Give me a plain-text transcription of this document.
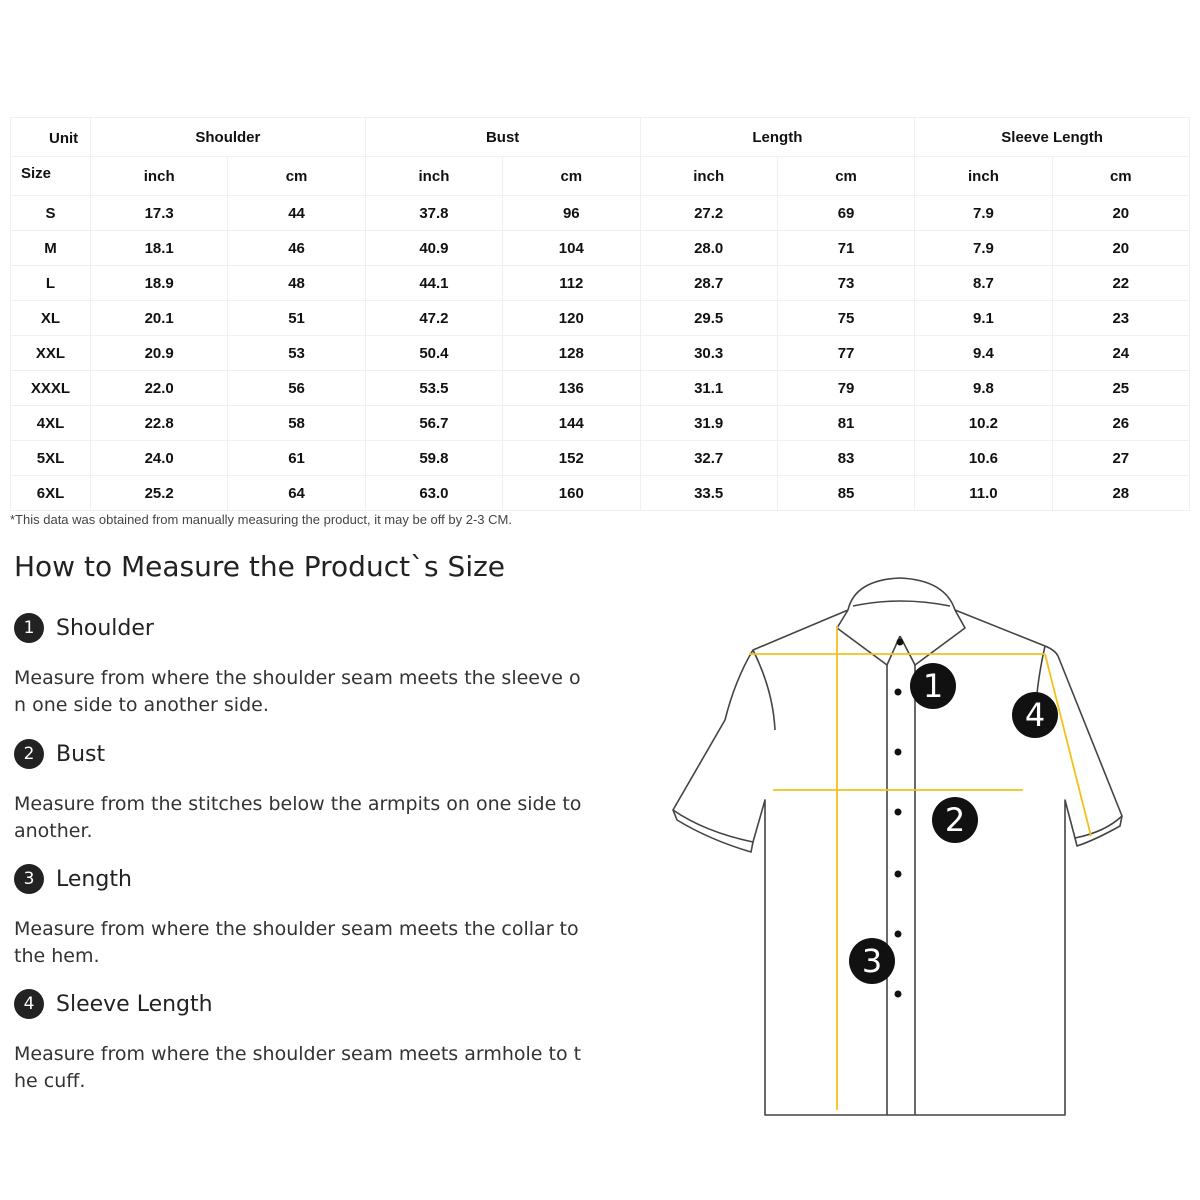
Unit	Shoulder		Bust		Length		Sleeve Length	

Size	inch	cm	inch	cm	inch	cm	inch	cm
S	17.3	44	37.8	96	27.2	69	7.9	20
M	18.1	46	40.9	104	28.0	71	7.9	20
L	18.9	48	44.1	112	28.7	73	8.7	22
XL	20.1	51	47.2	120	29.5	75	9.1	23
XXL	20.9	53	50.4	128	30.3	77	9.4	24
XXXL	22.0	56	53.5	136	31.1	79	9.8	25
4XL	22.8	58	56.7	144	31.9	81	10.2	26
5XL	24.0	61	59.8	152	32.7	83	10.6	27
6XL	25.2	64	63.0	160	33.5	85	11.0	28
*This data was obtained from manually measuring the product, it may be off by 2-3 CM.
How to Measure the Product`s Size
1 Shoulder
Measure from where the shoulder seam meets the sleeve on one side to another side.
2 Bust
Measure from the stitches below the armpits on one side to another.
3 Length
Measure from where the shoulder seam meets the collar to the hem.
4 Sleeve Length
Measure from where the shoulder seam meets armhole to the cuff.
1
2
3
4
